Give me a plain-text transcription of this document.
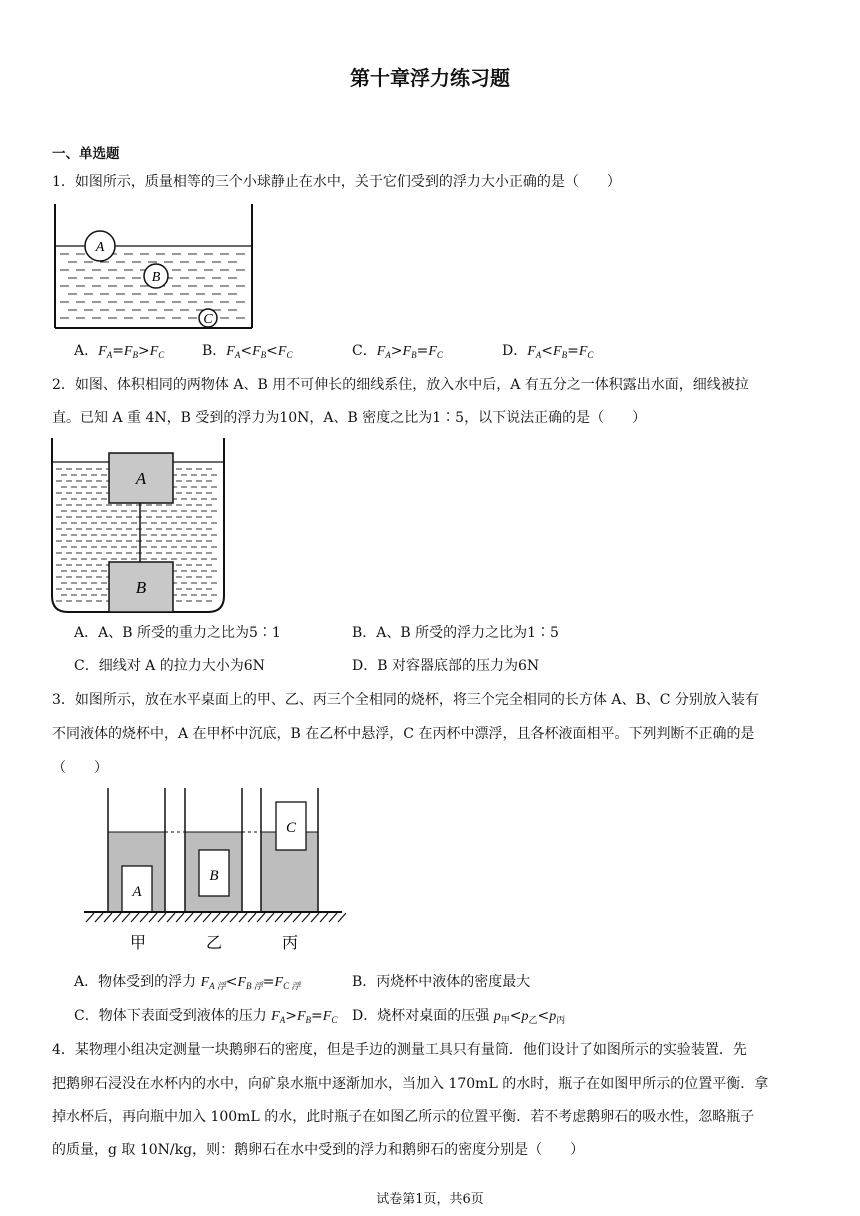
第十章浮力练习题
一、单选题
1．如图所示，质量相等的三个小球静止在水中，关于它们受到的浮力大小正确的是（　　）
A
B
C
A．$F_A=F_B>F_C$	B．$F_A<F_B<F_C$	C．$F_A>F_B=F_C$	D．$F_A<F_B=F_C$
2．如图、体积相同的两物体 A、B 用不可伸长的细线系住，放入水中后，A 有五分之一体积露出水面，细线被拉
直。已知 A 重 4N，B 受到的浮力为10N，A、B 密度之比为1∶5，以下说法正确的是（　　）
A
B
A．A、B 所受的重力之比为5∶1	B．A、B 所受的浮力之比为1∶5
C．细线对 A 的拉力大小为6N	D．B 对容器底部的压力为6N
3．如图所示，放在水平桌面上的甲、乙、丙三个全相同的烧杯，将三个完全相同的长方体 A、B、C 分别放入装有
不同液体的烧杯中，A 在甲杯中沉底，B 在乙杯中悬浮，C 在丙杯中漂浮，且各杯液面相平。下列判断不正确的是
（　　）
A
B
C
甲	乙	丙
A．物体受到的浮力 $F_{A 浮}<F_{B 浮}=F_{C 浮}$	B．丙烧杯中液体的密度最大
C．物体下表面受到液体的压力 $F_A>F_B=F_C$ D．烧杯对桌面的压强 $p_甲<p_乙<p_丙$
4．某物理小组决定测量一块鹅卵石的密度，但是手边的测量工具只有量筒．他们设计了如图所示的实验装置．先
把鹅卵石浸没在水杯内的水中，向矿泉水瓶中逐渐加水，当加入 170mL 的水时，瓶子在如图甲所示的位置平衡．拿
掉水杯后，再向瓶中加入 100mL 的水，此时瓶子在如图乙所示的位置平衡．若不考虑鹅卵石的吸水性，忽略瓶子
的质量，g 取 10N/kg，则：鹅卵石在水中受到的浮力和鹅卵石的密度分别是（　　）
试卷第1页，共6页
